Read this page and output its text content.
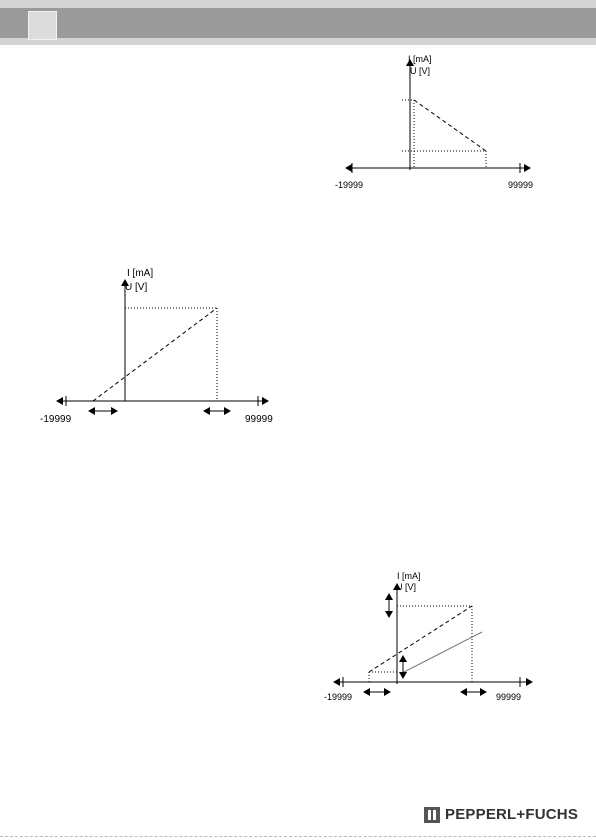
I [mA]
U [V]
-19999	99999
I [mA]
U [V]
-19999	99999
I [mA]
U [V]
-19999	99999
PEPPERL+FUCHS
